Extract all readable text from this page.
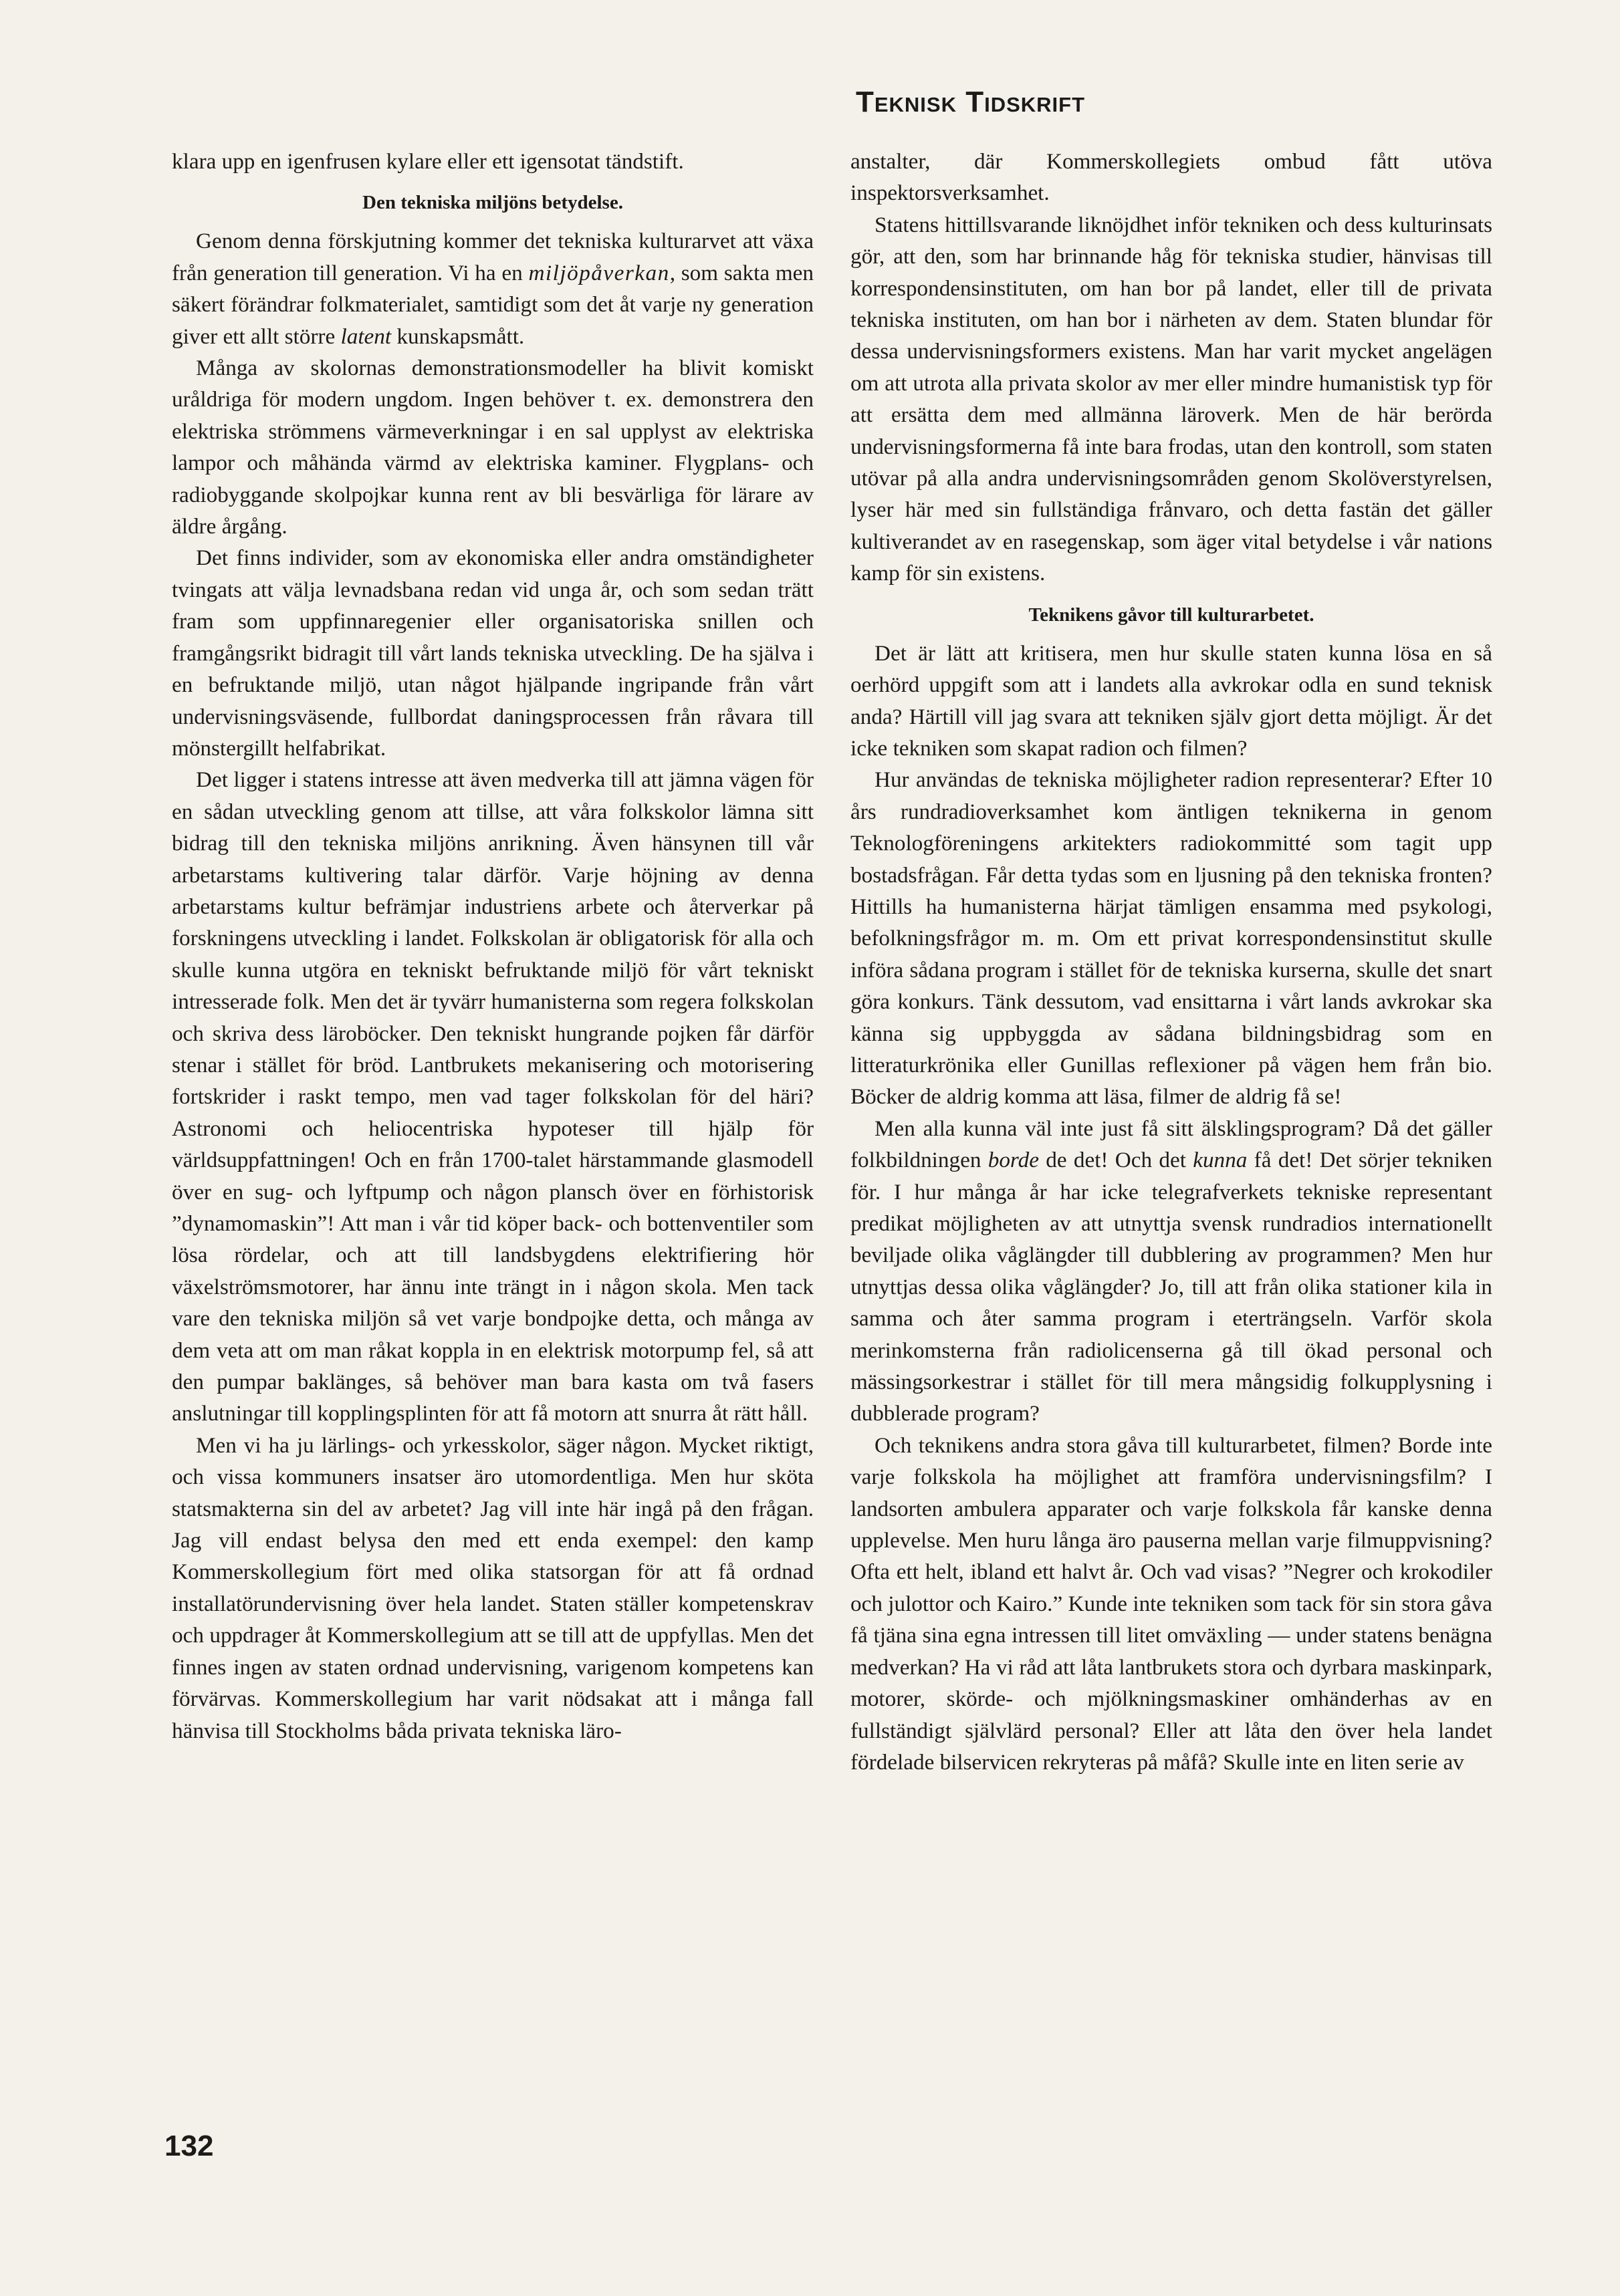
Teknisk Tidskrift

klara upp en igenfrusen kylare eller ett igensotat tändstift.

Den tekniska miljöns betydelse.

Genom denna förskjutning kommer det tekniska kulturarvet att växa från generation till generation. Vi ha en miljöpåverkan, som sakta men säkert förändrar folkmaterialet, samtidigt som det åt varje ny generation giver ett allt större latent kunskapsmått.

Många av skolornas demonstrationsmodeller ha blivit komiskt uråldriga för modern ungdom. Ingen behöver t. ex. demonstrera den elektriska strömmens värmeverkningar i en sal upplyst av elektriska lampor och måhända värmd av elektriska kaminer. Flygplans- och radiobyggande skolpojkar kunna rent av bli besvärliga för lärare av äldre årgång.

Det finns individer, som av ekonomiska eller andra omständigheter tvingats att välja levnadsbana redan vid unga år, och som sedan trätt fram som uppfinnaregenier eller organisatoriska snillen och framgångsrikt bidragit till vårt lands tekniska utveckling. De ha själva i en befruktande miljö, utan något hjälpande ingripande från vårt undervisningsväsende, fullbordat daningsprocessen från råvara till mönstergillt helfabrikat.

Det ligger i statens intresse att även medverka till att jämna vägen för en sådan utveckling genom att tillse, att våra folkskolor lämna sitt bidrag till den tekniska miljöns anrikning. Även hänsynen till vår arbetarstams kultivering talar därför. Varje höjning av denna arbetarstams kultur befrämjar industriens arbete och återverkar på forskningens utveckling i landet. Folkskolan är obligatorisk för alla och skulle kunna utgöra en tekniskt befruktande miljö för vårt tekniskt intresserade folk. Men det är tyvärr humanisterna som regera folkskolan och skriva dess läroböcker. Den tekniskt hungrande pojken får därför stenar i stället för bröd. Lantbrukets mekanisering och motorisering fortskrider i raskt tempo, men vad tager folkskolan för del häri? Astronomi och heliocentriska hypoteser till hjälp för världsuppfattningen! Och en från 1700-talet härstammande glasmodell över en sug- och lyftpump och någon plansch över en förhistorisk ”dynamomaskin”! Att man i vår tid köper back- och bottenventiler som lösa rördelar, och att till landsbygdens elektrifiering hör växelströmsmotorer, har ännu inte trängt in i någon skola. Men tack vare den tekniska miljön så vet varje bondpojke detta, och många av dem veta att om man råkat koppla in en elektrisk motorpump fel, så att den pumpar baklänges, så behöver man bara kasta om två fasers anslutningar till kopplingsplinten för att få motorn att snurra åt rätt håll.

Men vi ha ju lärlings- och yrkesskolor, säger någon. Mycket riktigt, och vissa kommuners insatser äro utomordentliga. Men hur sköta statsmakterna sin del av arbetet? Jag vill inte här ingå på den frågan. Jag vill endast belysa den med ett enda exempel: den kamp Kommerskollegium fört med olika statsorgan för att få ordnad installatörundervisning över hela landet. Staten ställer kompetenskrav och uppdrager åt Kommerskollegium att se till att de uppfyllas. Men det finnes ingen av staten ordnad undervisning, varigenom kompetens kan förvärvas. Kommerskollegium har varit nödsakat att i många fall hänvisa till Stockholms båda privata tekniska läro-

anstalter, där Kommerskollegiets ombud fått utöva inspektorsverksamhet.

Statens hittillsvarande liknöjdhet inför tekniken och dess kulturinsats gör, att den, som har brinnande håg för tekniska studier, hänvisas till korrespondensinstituten, om han bor på landet, eller till de privata tekniska instituten, om han bor i närheten av dem. Staten blundar för dessa undervisningsformers existens. Man har varit mycket angelägen om att utrota alla privata skolor av mer eller mindre humanistisk typ för att ersätta dem med allmänna läroverk. Men de här berörda undervisningsformerna få inte bara frodas, utan den kontroll, som staten utövar på alla andra undervisningsområden genom Skolöverstyrelsen, lyser här med sin fullständiga frånvaro, och detta fastän det gäller kultiverandet av en rasegenskap, som äger vital betydelse i vår nations kamp för sin existens.

Teknikens gåvor till kulturarbetet.

Det är lätt att kritisera, men hur skulle staten kunna lösa en så oerhörd uppgift som att i landets alla avkrokar odla en sund teknisk anda? Härtill vill jag svara att tekniken själv gjort detta möjligt. Är det icke tekniken som skapat radion och filmen?

Hur användas de tekniska möjligheter radion representerar? Efter 10 års rundradioverksamhet kom äntligen teknikerna in genom Teknologföreningens arkitekters radiokommitté som tagit upp bostadsfrågan. Får detta tydas som en ljusning på den tekniska fronten? Hittills ha humanisterna härjat tämligen ensamma med psykologi, befolkningsfrågor m. m. Om ett privat korrespondensinstitut skulle införa sådana program i stället för de tekniska kurserna, skulle det snart göra konkurs. Tänk dessutom, vad ensittarna i vårt lands avkrokar ska känna sig uppbyggda av sådana bildningsbidrag som en litteraturkrönika eller Gunillas reflexioner på vägen hem från bio. Böcker de aldrig komma att läsa, filmer de aldrig få se!

Men alla kunna väl inte just få sitt älsklingsprogram? Då det gäller folkbildningen borde de det! Och det kunna få det! Det sörjer tekniken för. I hur många år har icke telegrafverkets tekniske representant predikat möjligheten av att utnyttja svensk rundradios internationellt beviljade olika våglängder till dubblering av programmen? Men hur utnyttjas dessa olika våglängder? Jo, till att från olika stationer kila in samma och åter samma program i eterträngseln. Varför skola merinkomsterna från radiolicenserna gå till ökad personal och mässingsorkestrar i stället för till mera mångsidig folkupplysning i dubblerade program?

Och teknikens andra stora gåva till kulturarbetet, filmen? Borde inte varje folkskola ha möjlighet att framföra undervisningsfilm? I landsorten ambulera apparater och varje folkskola får kanske denna upplevelse. Men huru långa äro pauserna mellan varje filmuppvisning? Ofta ett helt, ibland ett halvt år. Och vad visas? ”Negrer och krokodiler och julottor och Kairo.” Kunde inte tekniken som tack för sin stora gåva få tjäna sina egna intressen till litet omväxling — under statens benägna medverkan? Ha vi råd att låta lantbrukets stora och dyrbara maskinpark, motorer, skörde- och mjölkningsmaskiner omhänderhas av en fullständigt självlärd personal? Eller att låta den över hela landet fördelade bilservicen rekryteras på måfå? Skulle inte en liten serie av

132
